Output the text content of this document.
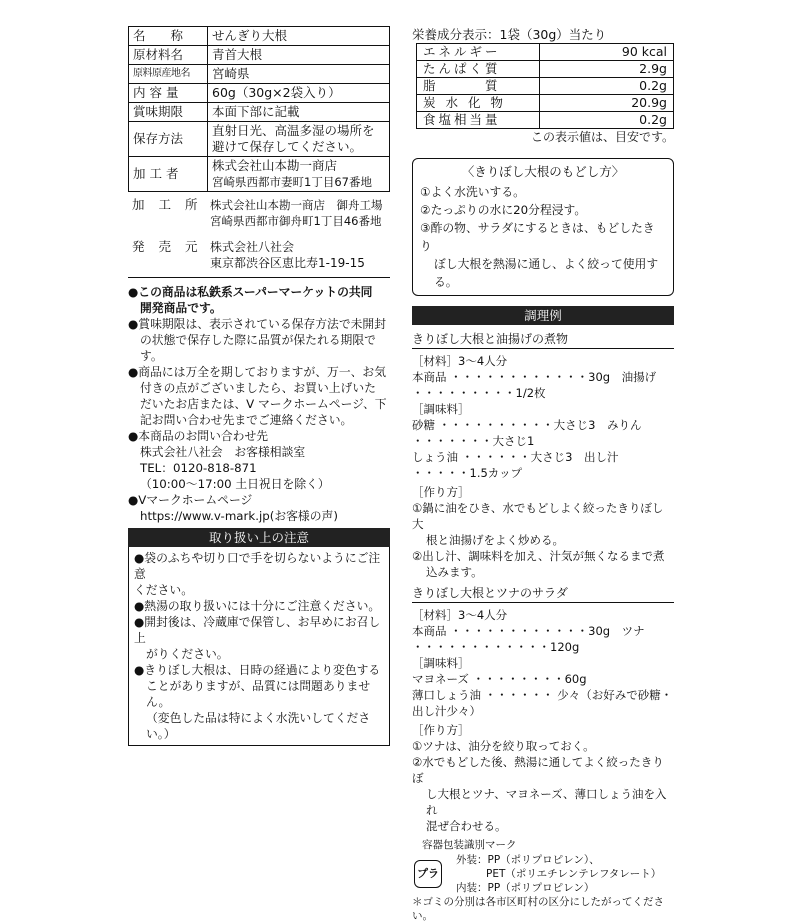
名　　称	せんぎり大根
原材料名	青首大根
原料原産地名	宮崎県
内 容 量	60g（30g×2袋入り）
賞味期限	本面下部に記載
保存方法	直射日光、高温多湿の場所を
避けて保存してください。

加 工 者	株式会社山本勘一商店
宮崎県西都市妻町1丁目67番地
加 工 所 株式会社山本勘一商店　御舟工場
宮崎県西都市御舟町1丁目46番地
発 売 元 株式会社八社会
東京都渋谷区恵比寿1-19-15
●この商品は私鉄系スーパーマーケットの共同
開発商品です。
●賞味期限は、表示されている保存方法で未開封
の状態で保存した際に品質が保たれる期限です。
●商品には万全を期しておりますが、万一、お気
付きの点がございましたら、お買い上げいた
だいたお店または、V マークホームページ、下
記お問い合わせ先までご連絡ください。
●本商品のお問い合わせ先
株式会社八社会　お客様相談室
TEL：0120-818-871
（10:00～17:00 土日祝日を除く）
●Vマークホームページ
https://www.v-mark.jp(お客様の声)
取り扱い上の注意
●袋のふちや切り口で手を切らないようにご注意
ください。
●熱湯の取り扱いには十分にご注意ください。
●開封後は、冷蔵庫で保管し、お早めにお召し上
がりください。
●きりぼし大根は、日時の経過により変色する
ことがありますが、品質には問題ありません。
（変色した品は特によく水洗いしてください。）
栄養成分表示：1袋（30g）当たり
エネルギー	90 kcal
たんぱく質	2.9g
脂　　　質	0.2g
炭 水 化 物	20.9g
食塩相当量	0.2g
この表示値は、目安です。
〈きりぼし大根のもどし方〉
①よく水洗いする。
②たっぷりの水に20分程浸す。
③酢の物、サラダにするときは、もどしたきり
ぼし大根を熱湯に通し、よく絞って使用する。
調理例
きりぼし大根と油揚げの煮物
［材料］3～4人分
本商品 ・・・・・・・・・・・・30g　油揚げ ・・・・・・・・・1/2枚
［調味料］
砂糖 ・・・・・・・・・・大さじ3　みりん ・・・・・・・大さじ1
しょう油 ・・・・・・大さじ3　出し汁 ・・・・・1.5カップ
［作り方］
①鍋に油をひき、水でもどしよく絞ったきりぼし大
根と油揚げをよく炒める。
②出し汁、調味料を加え、汁気が無くなるまで煮
込みます。
きりぼし大根とツナのサラダ
［材料］3～4人分
本商品 ・・・・・・・・・・・・30g　ツナ ・・・・・・・・・・・・120g
［調味料］
マヨネーズ ・・・・・・・・60g
薄口しょう油 ・・・・・・ 少々（お好みで砂糖・出し汁少々）
［作り方］
①ツナは、油分を絞り取っておく。
②水でもどした後、熱湯に通してよく絞ったきりぼ
し大根とツナ、マヨネーズ、薄口しょう油を入れ
混ぜ合わせる。
容器包装識別マーク
プラ
外装：PP（ポリプロピレン）、
PET（ポリエチレンテレフタレート）
内装：PP（ポリプロピレン）
＊ゴミの分別は各市区町村の区分にしたがってください。
